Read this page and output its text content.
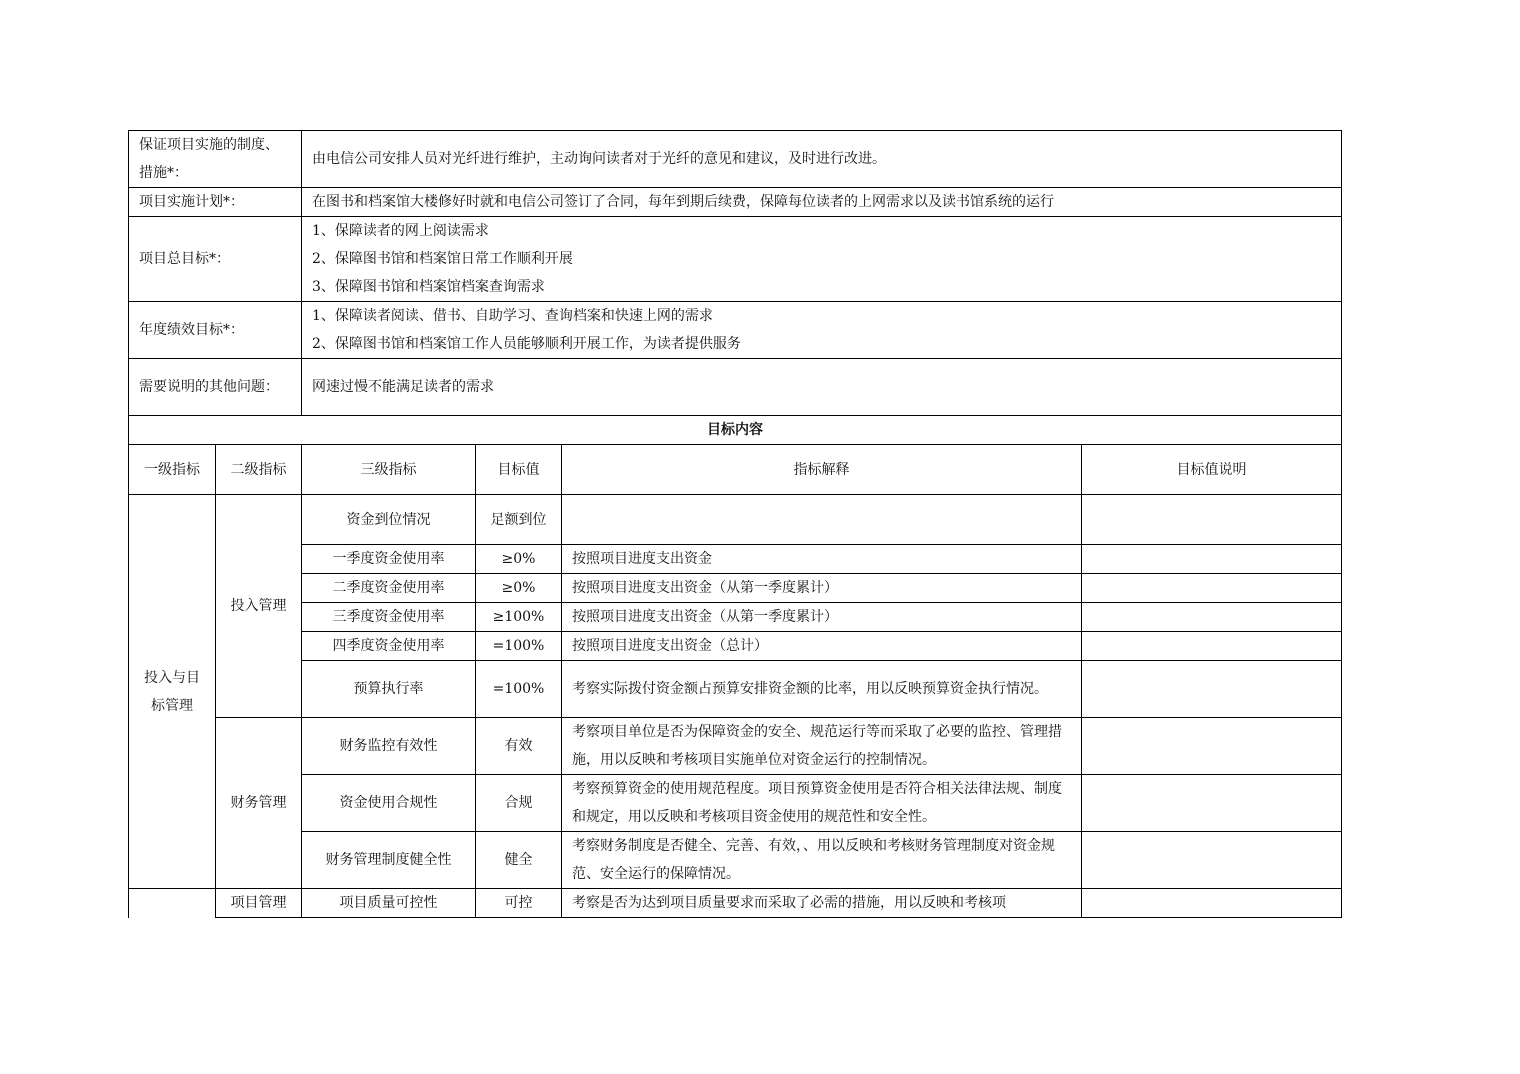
保证项目实施的制度、措施*：		由电信公司安排人员对光纤进行维护，主动询问读者对于光纤的意见和建议，及时进行改进。			

项目实施计划*：		在图书和档案馆大楼修好时就和电信公司签订了合同，每年到期后续费，保障每位读者的上网需求以及读书馆系统的运行			

项目总目标*：		1、保障读者的网上阅读需求
2、保障图书馆和档案馆日常工作顺利开展
3、保障图书馆和档案馆档案查询需求			

年度绩效目标*：		1、保障读者阅读、借书、自助学习、查询档案和快速上网的需求
2、保障图书馆和档案馆工作人员能够顺利开展工作，为读者提供服务			

需要说明的其他问题：		网速过慢不能满足读者的需求			

目标内容					
一级指标	二级指标	三级指标	目标值	指标解释	目标值说明
投入与目标管理	投入管理	资金到位情况	足额到位		
		一季度资金使用率	≥0%	按照项目进度支出资金	
		二季度资金使用率	≥0%	按照项目进度支出资金（从第一季度累计）	
		三季度资金使用率	≥100%	按照项目进度支出资金（从第一季度累计）	
		四季度资金使用率	=100%	按照项目进度支出资金（总计）	
		预算执行率	=100%	考察实际拨付资金额占预算安排资金额的比率，用以反映预算资金执行情况。	
	财务管理	财务监控有效性	有效	考察项目单位是否为保障资金的安全、规范运行等而采取了必要的监控、管理措施，用以反映和考核项目实施单位对资金运行的控制情况。	
		资金使用合规性	合规	考察预算资金的使用规范程度。项目预算资金使用是否符合相关法律法规、制度和规定，用以反映和考核项目资金使用的规范性和安全性。	
		财务管理制度健全性	健全	考察财务制度是否健全、完善、有效，、用以反映和考核财务管理制度对资金规范、安全运行的保障情况。	
	项目管理	项目质量可控性	可控	考察是否为达到项目质量要求而采取了必需的措施，用以反映和考核项	
